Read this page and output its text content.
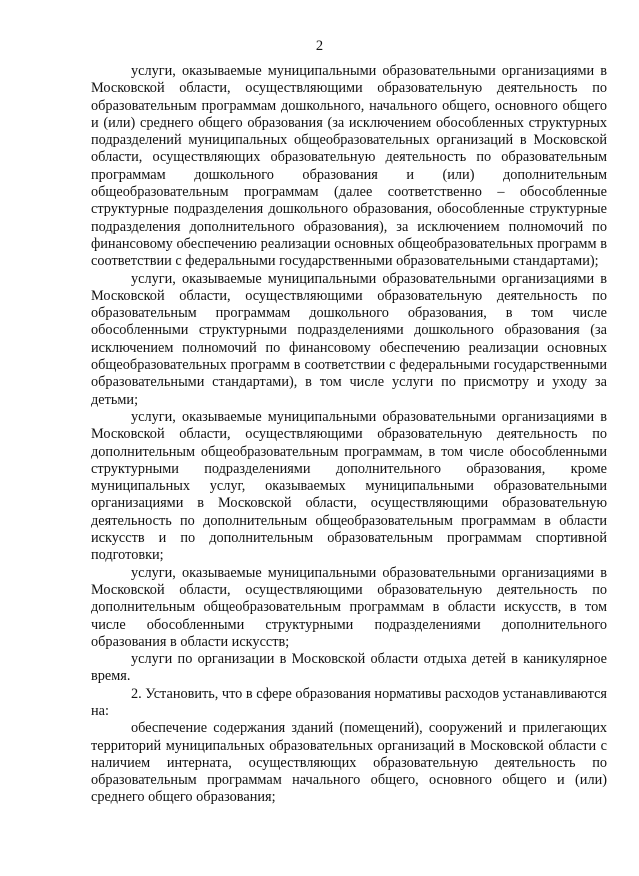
2

услуги, оказываемые муниципальными образовательными организациями в Московской области, осуществляющими образовательную деятельность по образовательным программам дошкольного, начального общего, основного общего и (или) среднего общего образования (за исключением обособленных структурных подразделений муниципальных общеобразовательных организаций в Московской области, осуществляющих образовательную деятельность по образовательным программам дошкольного образования и (или) дополнительным общеобразовательным программам (далее соответственно – обособленные структурные подразделения дошкольного образования, обособленные структурные подразделения дополнительного образования), за исключением полномочий по финансовому обеспечению реализации основных общеобразовательных программ в соответствии с федеральными государственными образовательными стандартами);

услуги, оказываемые муниципальными образовательными организациями в Московской области, осуществляющими образовательную деятельность по образовательным программам дошкольного образования, в том числе обособленными структурными подразделениями дошкольного образования (за исключением полномочий по финансовому обеспечению реализации основных общеобразовательных программ в соответствии с федеральными государственными образовательными стандартами), в том числе услуги по присмотру и уходу за детьми;

услуги, оказываемые муниципальными образовательными организациями в Московской области, осуществляющими образовательную деятельность по дополнительным общеобразовательным программам, в том числе обособленными структурными подразделениями дополнительного образования, кроме муниципальных услуг, оказываемых муниципальными образовательными организациями в Московской области, осуществляющими образовательную деятельность по дополнительным общеобразовательным программам в области искусств и по дополнительным образовательным программам спортивной подготовки;

услуги, оказываемые муниципальными образовательными организациями в Московской области, осуществляющими образовательную деятельность по дополнительным общеобразовательным программам в области искусств, в том числе обособленными структурными подразделениями дополнительного образования в области искусств;

услуги по организации в Московской области отдыха детей в каникулярное время.

2. Установить, что в сфере образования нормативы расходов устанавливаются на:

обеспечение содержания зданий (помещений), сооружений и прилегающих территорий муниципальных образовательных организаций в Московской области с наличием интерната, осуществляющих образовательную деятельность по образовательным программам начального общего, основного общего и (или) среднего общего образования;
